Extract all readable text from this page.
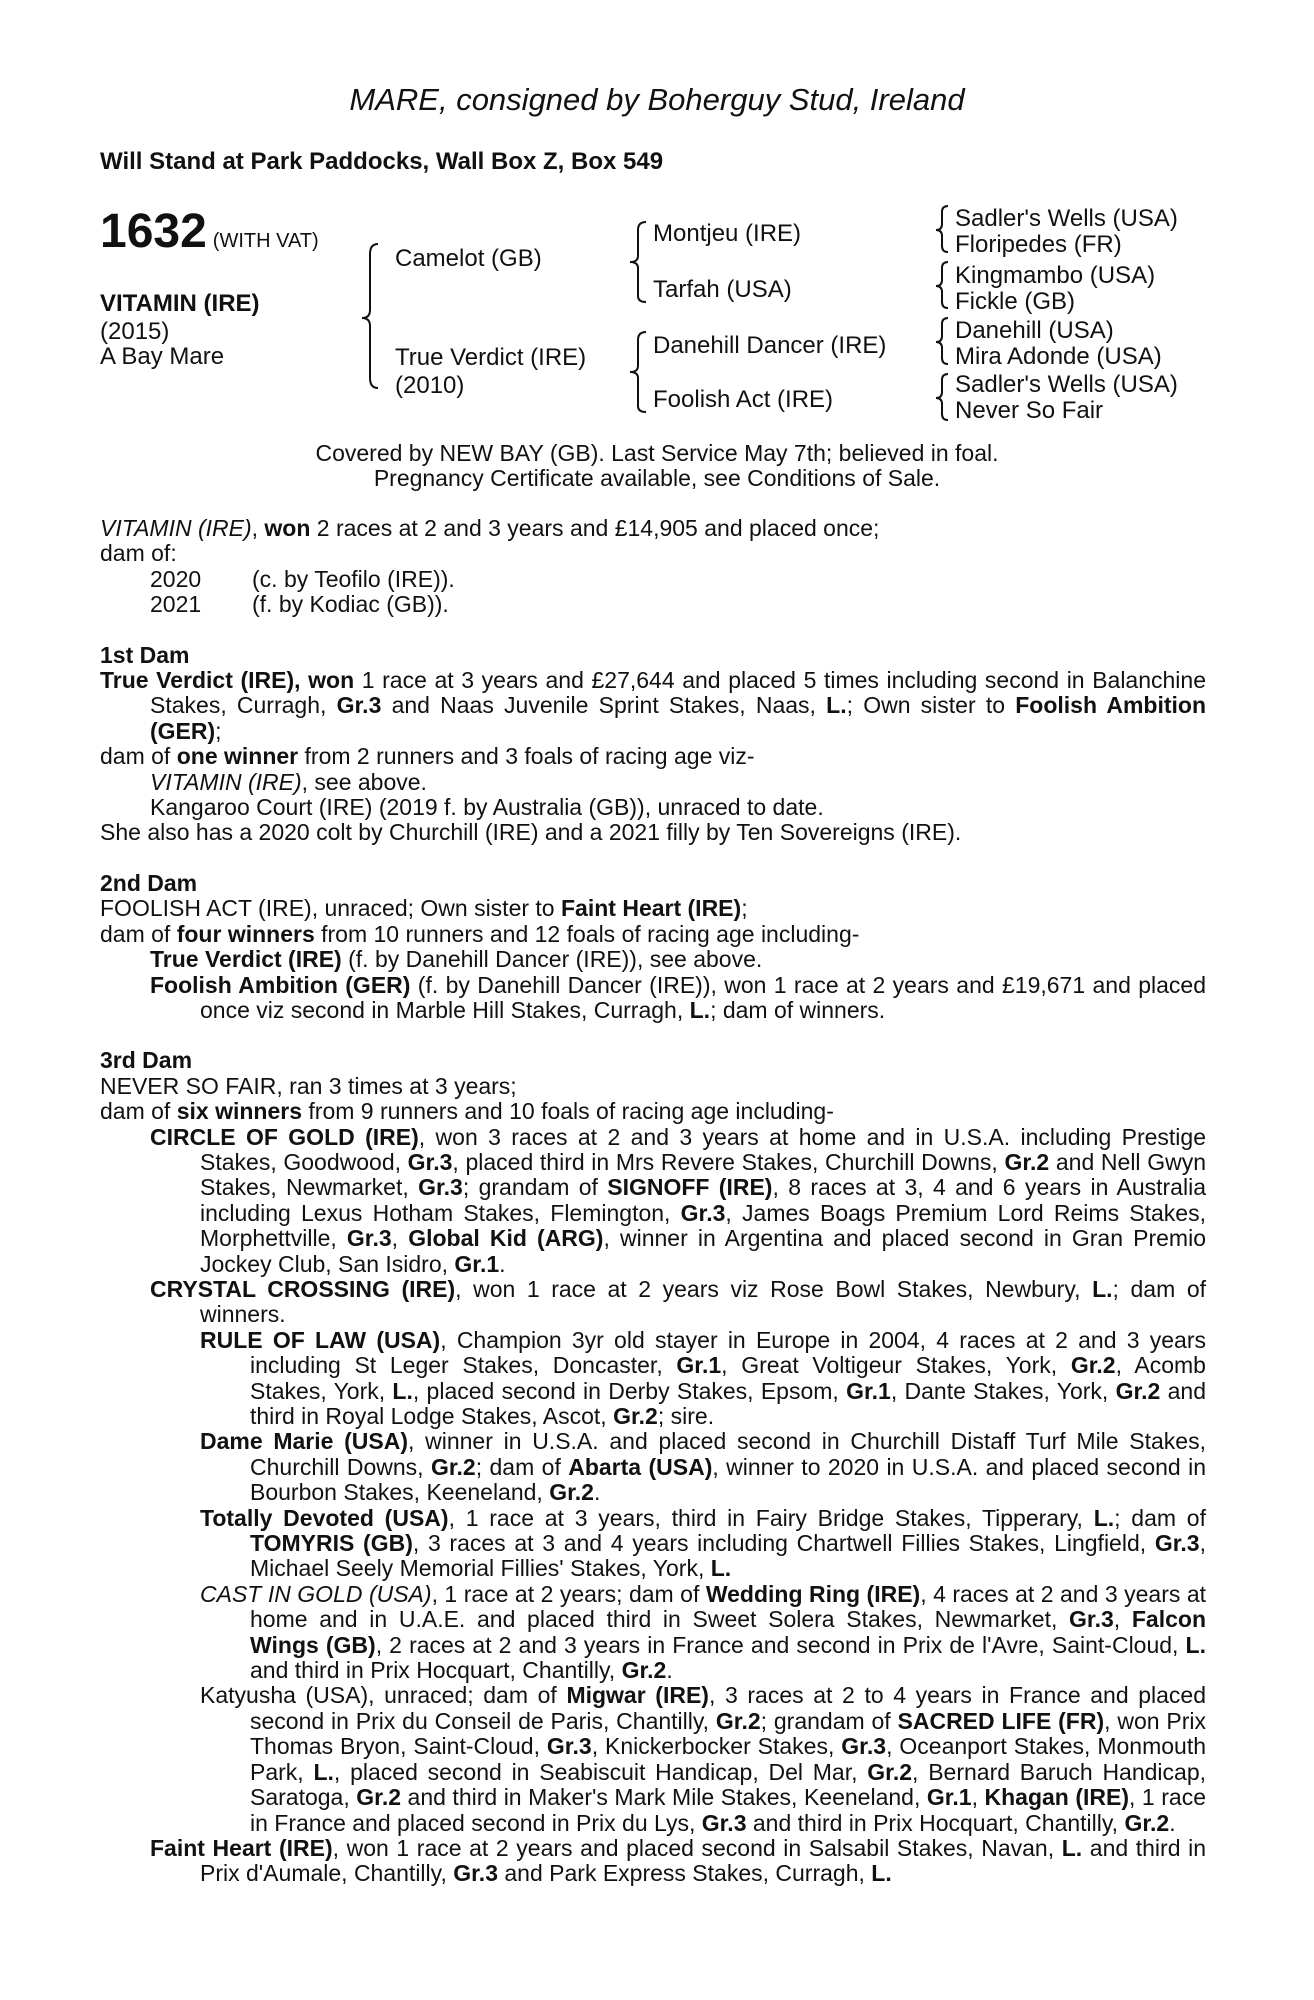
MARE, consigned by Boherguy Stud, Ireland
Will Stand at Park Paddocks, Wall Box Z, Box 549
1632 (WITH VAT)
VITAMIN (IRE)
(2015)
A Bay Mare
Camelot (GB)
True Verdict (IRE)
(2010)
Montjeu (IRE)
Tarfah (USA)
Danehill Dancer (IRE)
Foolish Act (IRE)
Sadler's Wells (USA)
Floripedes (FR)
Kingmambo (USA)
Fickle (GB)
Danehill (USA)
Mira Adonde (USA)
Sadler's Wells (USA)
Never So Fair
Covered by NEW BAY (GB). Last Service May 7th; believed in foal.
Pregnancy Certificate available, see Conditions of Sale.

VITAMIN (IRE), won 2 races at 2 and 3 years and £14,905 and placed once;

dam of:

2020 (c. by Teofilo (IRE)).

2021 (f. by Kodiac (GB)).

1st Dam

True Verdict (IRE), won 1 race at 3 years and £27,644 and placed 5 times including second in Balanchine Stakes, Curragh, Gr.3 and Naas Juvenile Sprint Stakes, Naas, L.; Own sister to Foolish Ambition (GER);

dam of one winner from 2 runners and 3 foals of racing age viz-

VITAMIN (IRE), see above.

Kangaroo Court (IRE) (2019 f. by Australia (GB)), unraced to date.

She also has a 2020 colt by Churchill (IRE) and a 2021 filly by Ten Sovereigns (IRE).

2nd Dam

FOOLISH ACT (IRE), unraced; Own sister to Faint Heart (IRE);

dam of four winners from 10 runners and 12 foals of racing age including-

True Verdict (IRE) (f. by Danehill Dancer (IRE)), see above.

Foolish Ambition (GER) (f. by Danehill Dancer (IRE)), won 1 race at 2 years and £19,671 and placed once viz second in Marble Hill Stakes, Curragh, L.; dam of winners.

3rd Dam

NEVER SO FAIR, ran 3 times at 3 years;

dam of six winners from 9 runners and 10 foals of racing age including-

CIRCLE OF GOLD (IRE), won 3 races at 2 and 3 years at home and in U.S.A. including Prestige Stakes, Goodwood, Gr.3, placed third in Mrs Revere Stakes, Churchill Downs, Gr.2 and Nell Gwyn Stakes, Newmarket, Gr.3; grandam of SIGNOFF (IRE), 8 races at 3, 4 and 6 years in Australia including Lexus Hotham Stakes, Flemington, Gr.3, James Boags Premium Lord Reims Stakes, Morphettville, Gr.3, Global Kid (ARG), winner in Argentina and placed second in Gran Premio Jockey Club, San Isidro, Gr.1.

CRYSTAL CROSSING (IRE), won 1 race at 2 years viz Rose Bowl Stakes, Newbury, L.; dam of winners.

RULE OF LAW (USA), Champion 3yr old stayer in Europe in 2004, 4 races at 2 and 3 years including St Leger Stakes, Doncaster, Gr.1, Great Voltigeur Stakes, York, Gr.2, Acomb Stakes, York, L., placed second in Derby Stakes, Epsom, Gr.1, Dante Stakes, York, Gr.2 and third in Royal Lodge Stakes, Ascot, Gr.2; sire.

Dame Marie (USA), winner in U.S.A. and placed second in Churchill Distaff Turf Mile Stakes, Churchill Downs, Gr.2; dam of Abarta (USA), winner to 2020 in U.S.A. and placed second in Bourbon Stakes, Keeneland, Gr.2.

Totally Devoted (USA), 1 race at 3 years, third in Fairy Bridge Stakes, Tipperary, L.; dam of TOMYRIS (GB), 3 races at 3 and 4 years including Chartwell Fillies Stakes, Lingfield, Gr.3, Michael Seely Memorial Fillies' Stakes, York, L.

CAST IN GOLD (USA), 1 race at 2 years; dam of Wedding Ring (IRE), 4 races at 2 and 3 years at home and in U.A.E. and placed third in Sweet Solera Stakes, Newmarket, Gr.3, Falcon Wings (GB), 2 races at 2 and 3 years in France and second in Prix de l'Avre, Saint-Cloud, L. and third in Prix Hocquart, Chantilly, Gr.2.

Katyusha (USA), unraced; dam of Migwar (IRE), 3 races at 2 to 4 years in France and placed second in Prix du Conseil de Paris, Chantilly, Gr.2; grandam of SACRED LIFE (FR), won Prix Thomas Bryon, Saint-Cloud, Gr.3, Knickerbocker Stakes, Gr.3, Oceanport Stakes, Monmouth Park, L., placed second in Seabiscuit Handicap, Del Mar, Gr.2, Bernard Baruch Handicap, Saratoga, Gr.2 and third in Maker's Mark Mile Stakes, Keeneland, Gr.1, Khagan (IRE), 1 race in France and placed second in Prix du Lys, Gr.3 and third in Prix Hocquart, Chantilly, Gr.2.

Faint Heart (IRE), won 1 race at 2 years and placed second in Salsabil Stakes, Navan, L. and third in Prix d'Aumale, Chantilly, Gr.3 and Park Express Stakes, Curragh, L.
